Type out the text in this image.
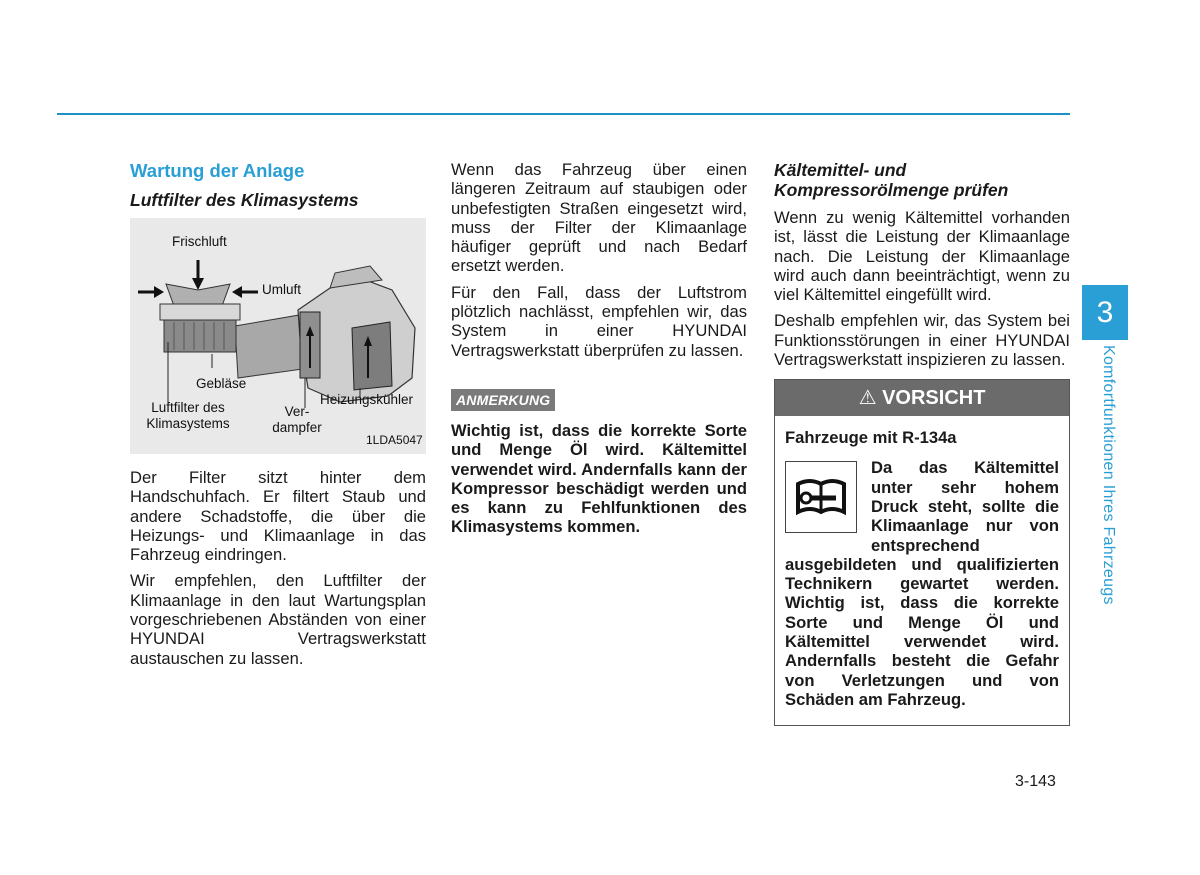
Wartung der Anlage
Luftfilter des Klimasystems
Frischluft
Umluft
Gebläse
Luftfilter des Klimasystems
Ver-dampfer
Heizungskühler
1LDA5047

Der Filter sitzt hinter dem Handschuhfach. Er filtert Staub und andere Schadstoffe, die über die Heizungs- und Klimaanlage in das Fahrzeug eindringen.

Wir empfehlen, den Luftfilter der Klimaanlage in den laut Wartungsplan vorgeschriebenen Abständen von einer HYUNDAI Vertragswerkstatt austauschen zu lassen.

Wenn das Fahrzeug über einen längeren Zeitraum auf staubigen oder unbefestigten Straßen eingesetzt wird, muss der Filter der Klimaanlage häufiger geprüft und nach Bedarf ersetzt werden.

Für den Fall, dass der Luftstrom plötzlich nachlässt, empfehlen wir, das System in einer HYUNDAI Vertragswerkstatt überprüfen zu lassen.

ANMERKUNG

Wichtig ist, dass die korrekte Sorte und Menge Öl wird. Kältemittel verwendet wird. Andernfalls kann der Kompressor beschädigt werden und es kann zu Fehlfunktionen des Klimasystems kommen.

Kältemittel- und Kompressorölmenge prüfen

Wenn zu wenig Kältemittel vorhanden ist, lässt die Leistung der Klimaanlage nach. Die Leistung der Klimaanlage wird auch dann beeinträchtigt, wenn zu viel Kältemittel eingefüllt wird.

Deshalb empfehlen wir, das System bei Funktionsstörungen in einer HYUNDAI Vertragswerkstatt inspizieren zu lassen.

⚠ VORSICHT
Fahrzeuge mit R-134a
Da das Kältemittel unter sehr hohem Druck steht, sollte die Klimaanlage nur von entsprechend ausgebildeten und qualifizierten Technikern gewartet werden. Wichtig ist, dass die korrekte Sorte und Menge Öl und Kältemittel verwendet wird. Andernfalls besteht die Gefahr von Verletzungen und von Schäden am Fahrzeug.
3
Komfortfunktionen Ihres Fahrzeugs
3-143
